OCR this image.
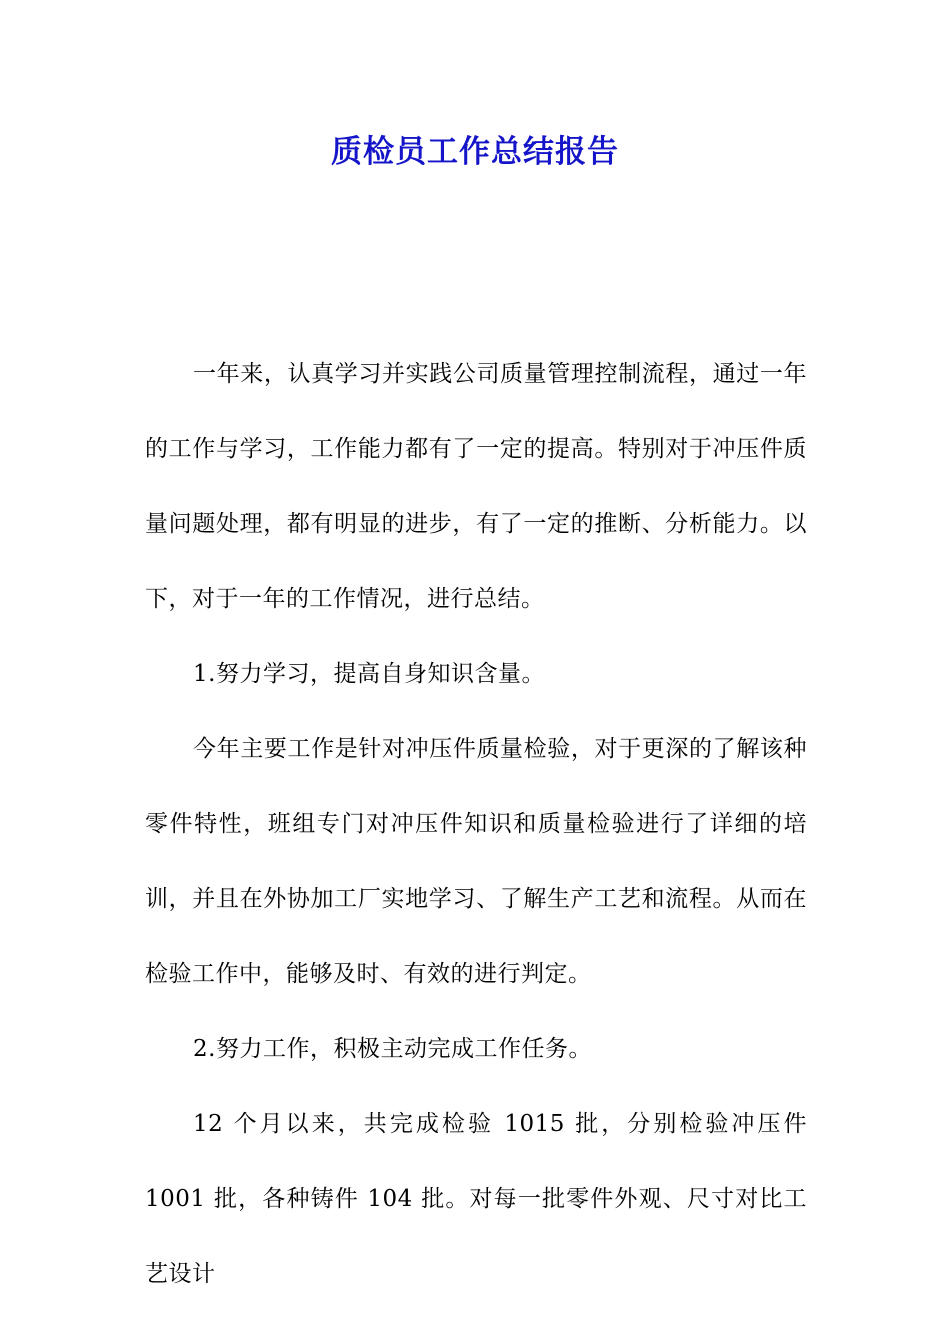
质检员工作总结报告

一年来，认真学习并实践公司质量管理控制流程，通过一年的工作与学习，工作能力都有了一定的提高。特别对于冲压件质量问题处理，都有明显的进步，有了一定的推断、分析能力。以下，对于一年的工作情况，进行总结。

1.努力学习，提高自身知识含量。

今年主要工作是针对冲压件质量检验，对于更深的了解该种零件特性，班组专门对冲压件知识和质量检验进行了详细的培训，并且在外协加工厂实地学习、了解生产工艺和流程。从而在检验工作中，能够及时、有效的进行判定。

2.努力工作，积极主动完成工作任务。

12 个月以来，共完成检验 1015 批，分别检验冲压件 1001 批，各种铸件 104 批。对每一批零件外观、尺寸对比工艺设计
